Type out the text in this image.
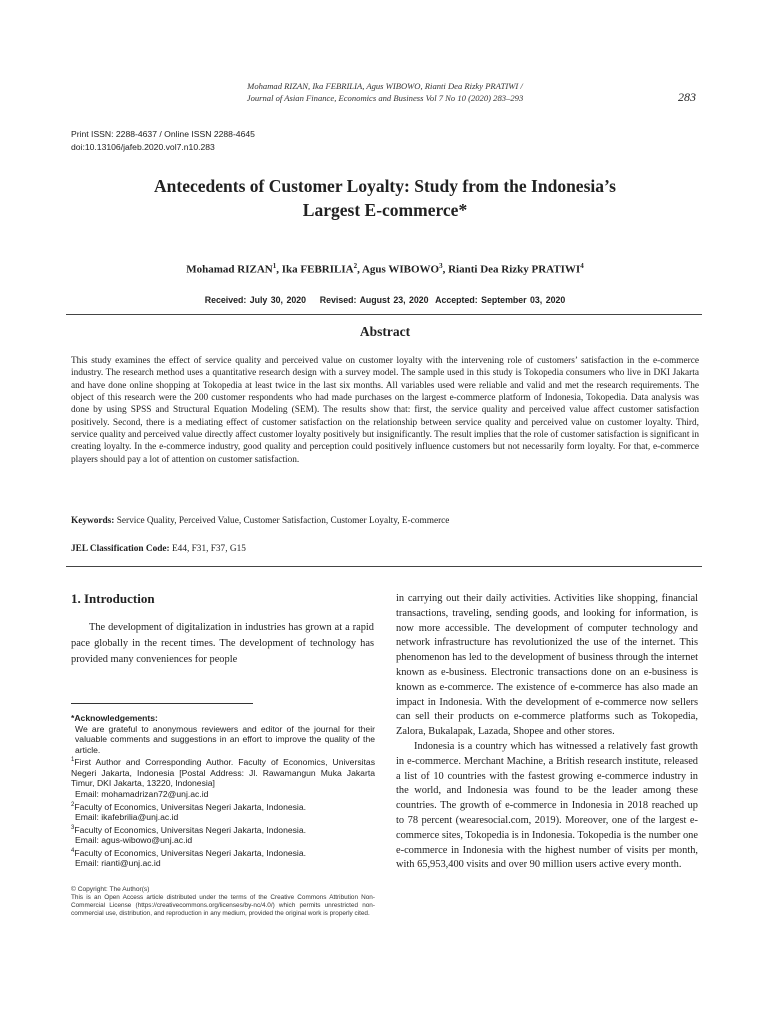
Mohamad RIZAN, Ika FEBRILIA, Agus WIBOWO, Rianti Dea Rizky PRATIWI /
Journal of Asian Finance, Economics and Business Vol 7 No 10 (2020) 283–293	283
Print ISSN: 2288-4637 / Online ISSN 2288-4645
doi:10.13106/jafeb.2020.vol7.n10.283
Antecedents of Customer Loyalty: Study from the Indonesia’s
Largest E-commerce*
Mohamad RIZAN$^1$, Ika FEBRILIA$^2$, Agus WIBOWO$^3$, Rianti Dea Rizky PRATIWI$^4$
Received: July 30, 2020 Revised: August 23, 2020 Accepted: September 03, 2020
Abstract
This study examines the effect of service quality and perceived value on customer loyalty with the intervening role of customers’ satisfaction in the e-commerce industry. The research method uses a quantitative research design with a survey model. The sample used in this study is Tokopedia consumers who live in DKI Jakarta and have done online shopping at Tokopedia at least twice in the last six months. All variables used were reliable and valid and met the research requirements. The object of this research were the 200 customer respondents who had made purchases on the largest e-commerce platform of Indonesia, Tokopedia. Data analysis was done by using SPSS and Structural Equation Modeling (SEM). The results show that: first, the service quality and perceived value affect customer satisfaction positively. Second, there is a mediating effect of customer satisfaction on the relationship between service quality and perceived value on customer loyalty. Third, service quality and perceived value directly affect customer loyalty positively but insignificantly. The result implies that the role of customer satisfaction is significant in creating loyalty. In the e-commerce industry, good quality and perception could positively influence customers but not necessarily form loyalty. For that, e-commerce players should pay a lot of attention on customer satisfaction.
Keywords: Service Quality, Perceived Value, Customer Satisfaction, Customer Loyalty, E-commerce
JEL Classification Code: E44, F31, F37, G15
1. Introduction
The development of digitalization in industries has grown at a rapid pace globally in the recent times. The development of technology has provided many conveniences for people

in carrying out their daily activities. Activities like shopping, financial transactions, traveling, sending goods, and looking for information, is now more accessible. The development of computer technology and network infrastructure has revolutionized the use of the internet. This phenomenon has led to the development of business through the internet known as e-business. Electronic transactions done on an e-business is known as e-commerce. The existence of e-commerce has also made an impact in Indonesia. With the development of e-commerce now sellers can sell their products on e-commerce platforms such as Tokopedia, Zalora, Bukalapak, Lazada, Shopee and other stores.

Indonesia is a country which has witnessed a relatively fast growth in e-commerce. Merchant Machine, a British research institute, released a list of 10 countries with the fastest growing e-commerce industry in the world, and Indonesia was found to be the leader among these countries. The growth of e-commerce in Indonesia in 2018 reached up to 78 percent (wearesocial.com, 2019). Moreover, one of the largest e-commerce sites, Tokopedia is in Indonesia. Tokopedia is the number one e-commerce in Indonesia with the highest number of visits per month, with 65,953,400 visits and over 90 million users active every month.

*Acknowledgements:
We are grateful to anonymous reviewers and editor of the journal for their valuable comments and suggestions in an effort to improve the quality of the article.
$^1$First Author and Corresponding Author. Faculty of Economics, Universitas Negeri Jakarta, Indonesia [Postal Address: Jl. Rawamangun Muka Jakarta Timur, DKI Jakarta, 13220, Indonesia]
Email: mohamadrizan72@unj.ac.id
$^2$Faculty of Economics, Universitas Negeri Jakarta, Indonesia.
Email: ikafebrilia@unj.ac.id
$^3$Faculty of Economics, Universitas Negeri Jakarta, Indonesia.
Email: agus-wibowo@unj.ac.id
$^4$Faculty of Economics, Universitas Negeri Jakarta, Indonesia.
Email: rianti@unj.ac.id
© Copyright: The Author(s)
This is an Open Access article distributed under the terms of the Creative Commons Attribution Non-Commercial License (https://creativecommons.org/licenses/by-nc/4.0/) which permits unrestricted non-commercial use, distribution, and reproduction in any medium, provided the original work is properly cited.
